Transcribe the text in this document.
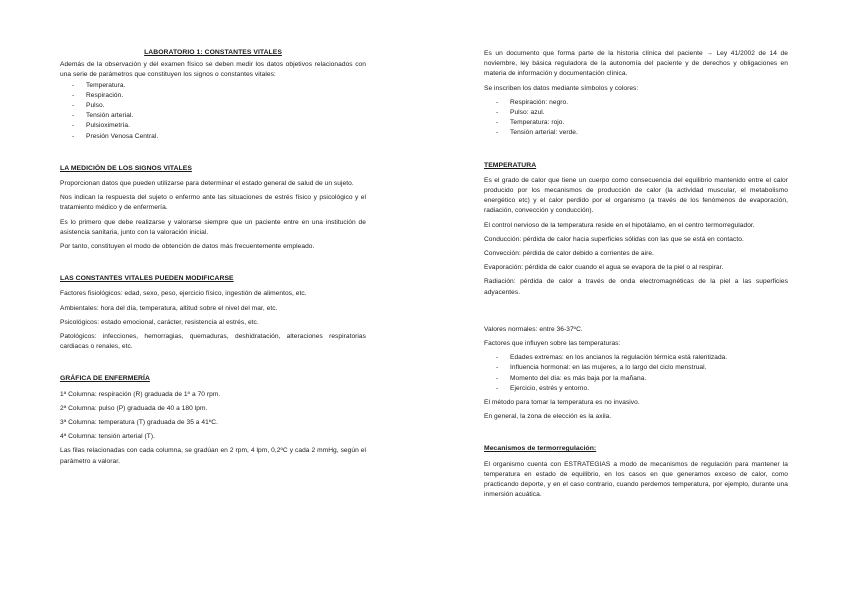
LABORATORIO 1: CONSTANTES VITALES

Además de la observación y del examen físico se deben medir los datos objetivos relacionados con una serie de parámetros que constituyen los signos o constantes vitales:

- Temperatura.
- Respiración.
- Pulso.
- Tensión arterial.
- Pulsioximetría.
- Presión Venosa Central.
LA MEDICIÓN DE LOS SIGNOS VITALES

Proporcionan datos que pueden utilizarse para determinar el estado general de salud de un sujeto.

Nos indican la respuesta del sujeto o enfermo ante las situaciones de estrés físico y psicológico y el tratamiento médico y de enfermería.

Es lo primero que debe realizarse y valorarse siempre que un paciente entre en una institución de asistencia sanitaria, junto con la valoración inicial.

Por tanto, constituyen el modo de obtención de datos más frecuentemente empleado.

LAS CONSTANTES VITALES PUEDEN MODIFICARSE

Factores fisiológicos: edad, sexo, peso, ejercicio físico, ingestión de alimentos, etc.

Ambientales: hora del día, temperatura, altitud sobre el nivel del mar, etc.

Psicológicos: estado emocional, carácter, resistencia al estrés, etc.

Patológicos: infecciones, hemorragias, quemaduras, deshidratación, alteraciones respiratorias cardiacas o renales, etc.

GRÁFICA DE ENFERMERÍA

1ª Columna: respiración (R) graduada de 1º a 70 rpm.

2ª Columna: pulso (P) graduada de 40 a 180 lpm.

3ª Columna: temperatura (T) graduada de 35 a 41ºC.

4ª Columna: tensión arterial (T).

Las filas relacionadas con cada columna, se gradúan en 2 rpm, 4 lpm, 0,2ºC y cada 2 mmHg, según el parámetro a valorar.

Es un documento que forma parte de la historia clínica del paciente → Ley 41/2002 de 14 de noviembre, ley básica reguladora de la autonomía del paciente y de derechos y obligaciones en materia de información y documentación clínica.

Se inscriben los datos mediante símbolos y colores:

- Respiración: negro.
- Pulso: azul.
- Temperatura: rojo.
- Tensión arterial: verde.
TEMPERATURA

Es el grado de calor que tiene un cuerpo como consecuencia del equilibrio mantenido entre el calor producido por los mecanismos de producción de calor (la actividad muscular, el metabolismo energético etc) y el calor perdido por el organismo (a través de los fenómenos de evaporación, radiación, convección y conducción).

El control nervioso de la temperatura reside en el hipotálamo, en el centro termorregulador.

Conducción: pérdida de calor hacia superficies sólidas con las que se está en contacto.

Convección: pérdida de calor debido a corrientes de aire.

Evaporación: pérdida de calor cuando el agua se evapora de la piel o al respirar.

Radiación: pérdida de calor a través de onda electromagnéticas de la piel a las superficies adyacentes.

Valores normales: entre 36-37ºC.

Factores que influyen sobre las temperaturas:

- Edades extremas: en los ancianos la regulación térmica está ralentizada.
- Influencia hormonal: en las mujeres, a lo largo del ciclo menstrual.
- Momento del día: es más baja por la mañana.
- Ejercicio, estrés y entorno.

El método para tomar la temperatura es no invasivo.

En general, la zona de elección es la axila.

Mecanismos de termorregulación:

El organismo cuenta con ESTRATEGIAS a modo de mecanismos de regulación para mantener la temperatura en estado de equilibrio, en los casos en que generamos exceso de calor, como practicando deporte, y en el caso contrario, cuando perdemos temperatura, por ejemplo, durante una inmersión acuática.
